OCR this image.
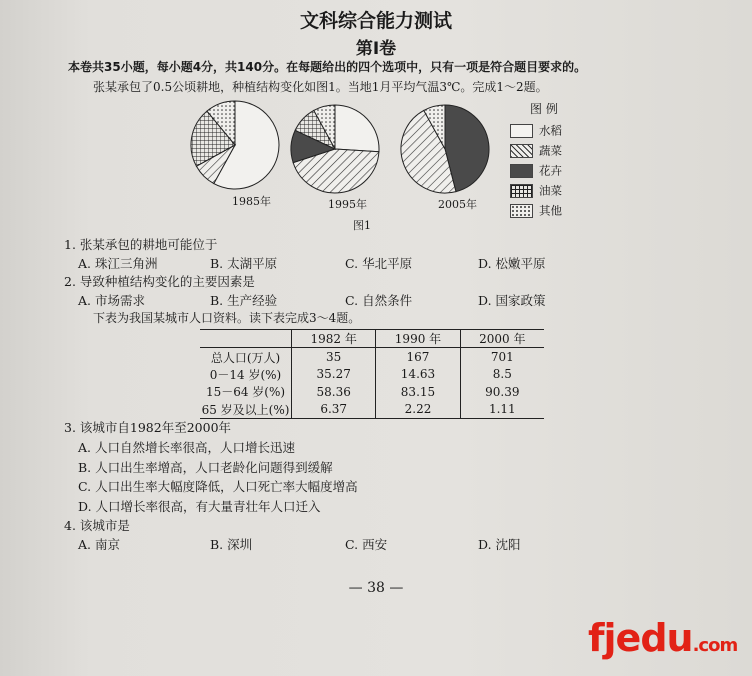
文科综合能力测试
第Ⅰ卷
本卷共35小题，每小题4分，共140分。在每题给出的四个选项中，只有一项是符合题目要求的。
张某承包了0.5公顷耕地，种植结构变化如图1。当地1月平均气温3℃。完成1～2题。
1985年	1995年	2005年
图1
图 例
水稻
蔬菜
花卉
油菜
其他
1. 张某承包的耕地可能位于
A. 珠江三角洲	B. 太湖平原	C. 华北平原	D. 松嫩平原
2. 导致种植结构变化的主要因素是
A. 市场需求	B. 生产经验	C. 自然条件	D. 国家政策
下表为我国某城市人口资料。读下表完成3～4题。
	1982 年	1990 年	2000 年
总人口(万人)	35	167	701
0－14 岁(%)	35.27	14.63	8.5
15－64 岁(%)	58.36	83.15	90.39
65 岁及以上(%)	6.37	2.22	1.11
3. 该城市自1982年至2000年
A. 人口自然增长率很高，人口增长迅速
B. 人口出生率增高，人口老龄化问题得到缓解
C. 人口出生率大幅度降低，人口死亡率大幅度增高
D. 人口增长率很高，有大量青壮年人口迁入
4. 该城市是
A. 南京	B. 深圳	C. 西安	D. 沈阳
— 38 —
fjedu.com
